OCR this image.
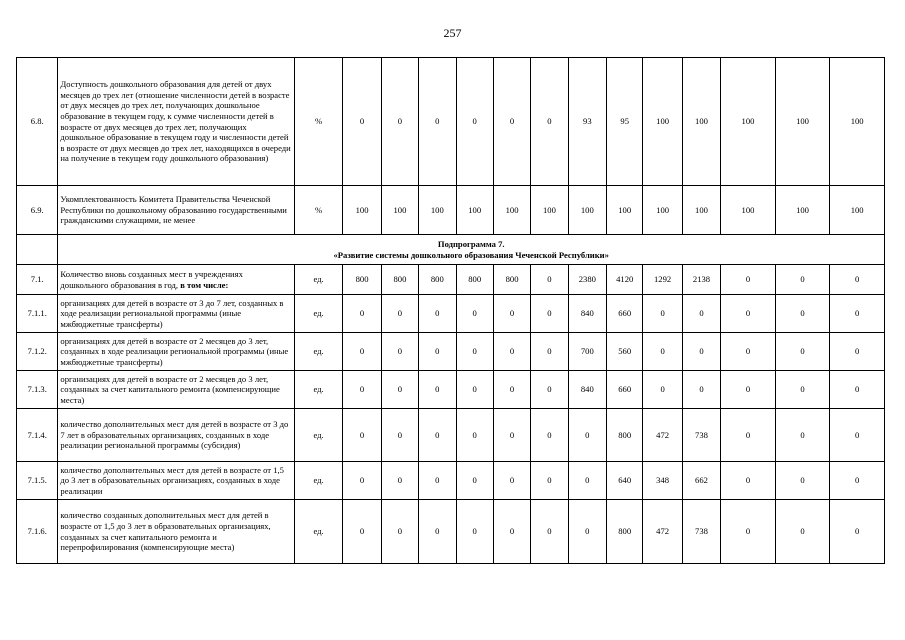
257
6.8.	Доступность дошкольного образования для детей от двух месяцев до трех лет (отношение численности детей в возрасте от двух месяцев до трех лет, получающих дошкольное образование в текущем году, к сумме численности детей в возрасте от двух месяцев до трех лет, получающих дошкольное образование в текущем году и численности детей в возрасте от двух месяцев до трех лет, находящихся в очереди на получение в текущем году дошкольного образования)	%	0	0	0	0	0	0	93	95	100	100	100	100	100
6.9.	Укомплектованность Комитета Правительства Чеченской Республики по дошкольному образованию государственными гражданскими служащими, не менее	%	100	100	100	100	100	100	100	100	100	100	100	100	100

	Подпрограмма 7.
«Развитие системы дошкольного образования Чеченской Республики»														

7.1.	Количество вновь созданных мест в учреждениях дошкольного образования в год, в том числе:	ед.	800	800	800	800	800	0	2380	4120	1292	2138	0	0	0
7.1.1.	организациях для детей в возрасте от 3 до 7 лет, созданных в ходе реализации региональной программы (иные мжбюджетные трансферты)	ед.	0	0	0	0	0	0	840	660	0	0	0	0	0
7.1.2.	организациях для детей в возрасте от 2 месяцев до 3 лет, созданных в ходе реализации региональной программы (иные мжбюджетные трансферты)	ед.	0	0	0	0	0	0	700	560	0	0	0	0	0
7.1.3.	организациях для детей в возрасте от 2 месяцев до 3 лет, созданных за счет капитального ремонта (компенсирующие места)	ед.	0	0	0	0	0	0	840	660	0	0	0	0	0
7.1.4.	количество дополнительных мест для детей в возрасте от 3 до 7 лет в образовательных организациях, созданных в ходе реализации региональной программы (субсидия)	ед.	0	0	0	0	0	0	0	800	472	738	0	0	0
7.1.5.	количество дополнительных мест для детей в возрасте от 1,5 до 3 лет в образовательных организациях, созданных в ходе реализации	ед.	0	0	0	0	0	0	0	640	348	662	0	0	0
7.1.6.	количество созданных дополнительных мест для детей в возрасте от 1,5 до 3 лет в образовательных организациях, созданных за счет капитального ремонта и перепрофилирования (компенсирующие места)	ед.	0	0	0	0	0	0	0	800	472	738	0	0	0
